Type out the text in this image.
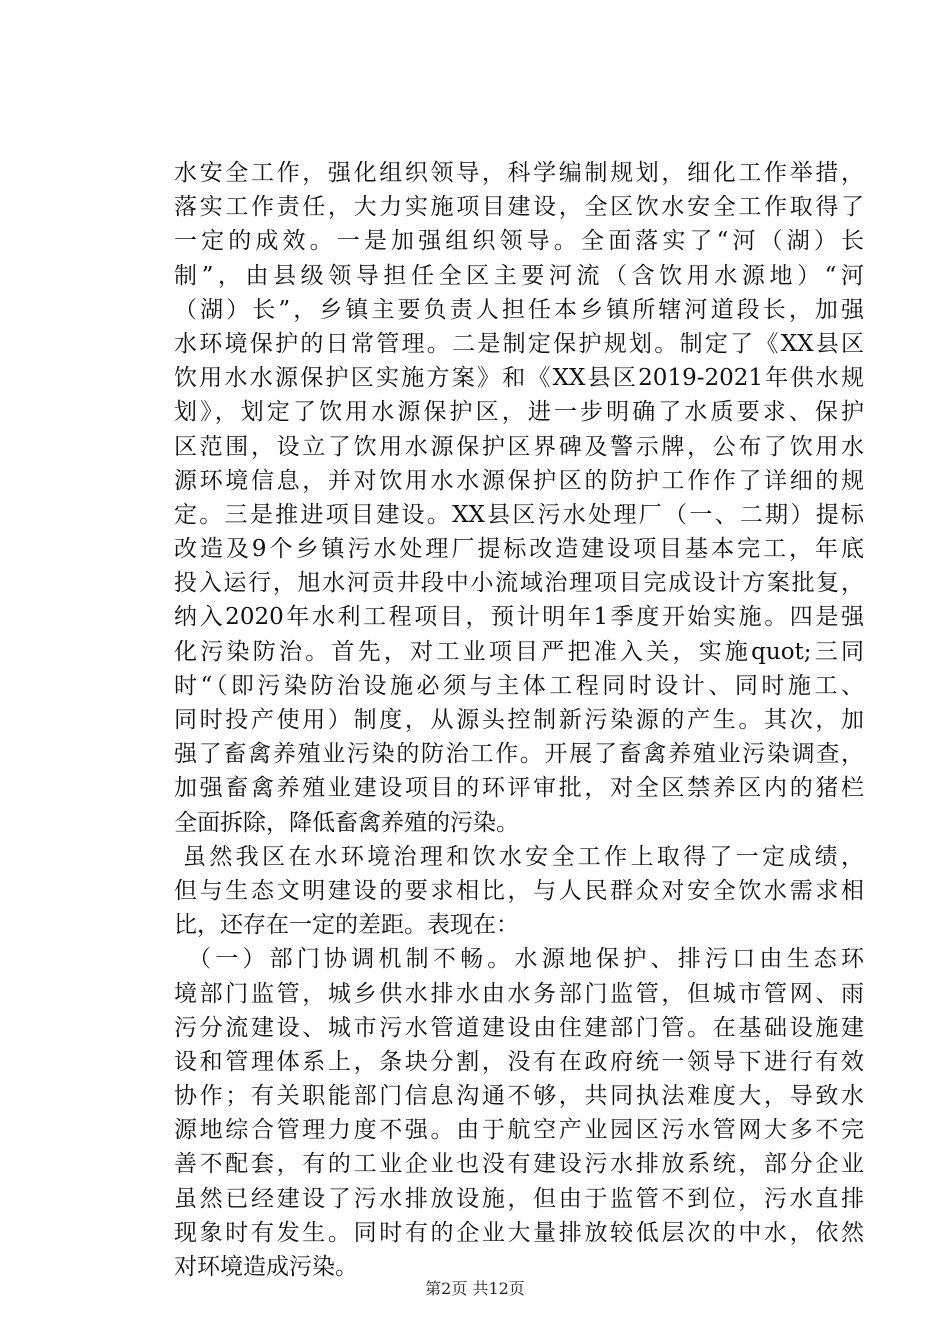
水安全工作，强化组织领导，科学编制规划，细化工作举措，
落实工作责任，大力实施项目建设，全区饮水安全工作取得了
一定的成效。一是加强组织领导。全面落实了“河（湖）长
制”，由县级领导担任全区主要河流（含饮用水源地）“河
（湖）长”，乡镇主要负责人担任本乡镇所辖河道段长，加强
水环境保护的日常管理。二是制定保护规划。制定了《XX县区
饮用水水源保护区实施方案》和《XX县区2019-2021年供水规
划》，划定了饮用水源保护区，进一步明确了水质要求、保护
区范围，设立了饮用水源保护区界碑及警示牌，公布了饮用水
源环境信息，并对饮用水水源保护区的防护工作作了详细的规
定。三是推进项目建设。XX县区污水处理厂（一、二期）提标
改造及9个乡镇污水处理厂提标改造建设项目基本完工，年底
投入运行，旭水河贡井段中小流域治理项目完成设计方案批复，
纳入2020年水利工程项目，预计明年1季度开始实施。四是强
化污染防治。首先，对工业项目严把准入关，实施quot;三同
时“（即污染防治设施必须与主体工程同时设计、同时施工、
同时投产使用）制度，从源头控制新污染源的产生。其次，加
强了畜禽养殖业污染的防治工作。开展了畜禽养殖业污染调查，
加强畜禽养殖业建设项目的环评审批，对全区禁养区内的猪栏
全面拆除，降低畜禽养殖的污染。
虽然我区在水环境治理和饮水安全工作上取得了一定成绩，
但与生态文明建设的要求相比，与人民群众对安全饮水需求相
比，还存在一定的差距。表现在：
（一）部门协调机制不畅。水源地保护、排污口由生态环
境部门监管，城乡供水排水由水务部门监管，但城市管网、雨
污分流建设、城市污水管道建设由住建部门管。在基础设施建
设和管理体系上，条块分割，没有在政府统一领导下进行有效
协作；有关职能部门信息沟通不够，共同执法难度大，导致水
源地综合管理力度不强。由于航空产业园区污水管网大多不完
善不配套，有的工业企业也没有建设污水排放系统，部分企业
虽然已经建设了污水排放设施，但由于监管不到位，污水直排
现象时有发生。同时有的企业大量排放较低层次的中水，依然
对环境造成污染。
第2页 共12页
